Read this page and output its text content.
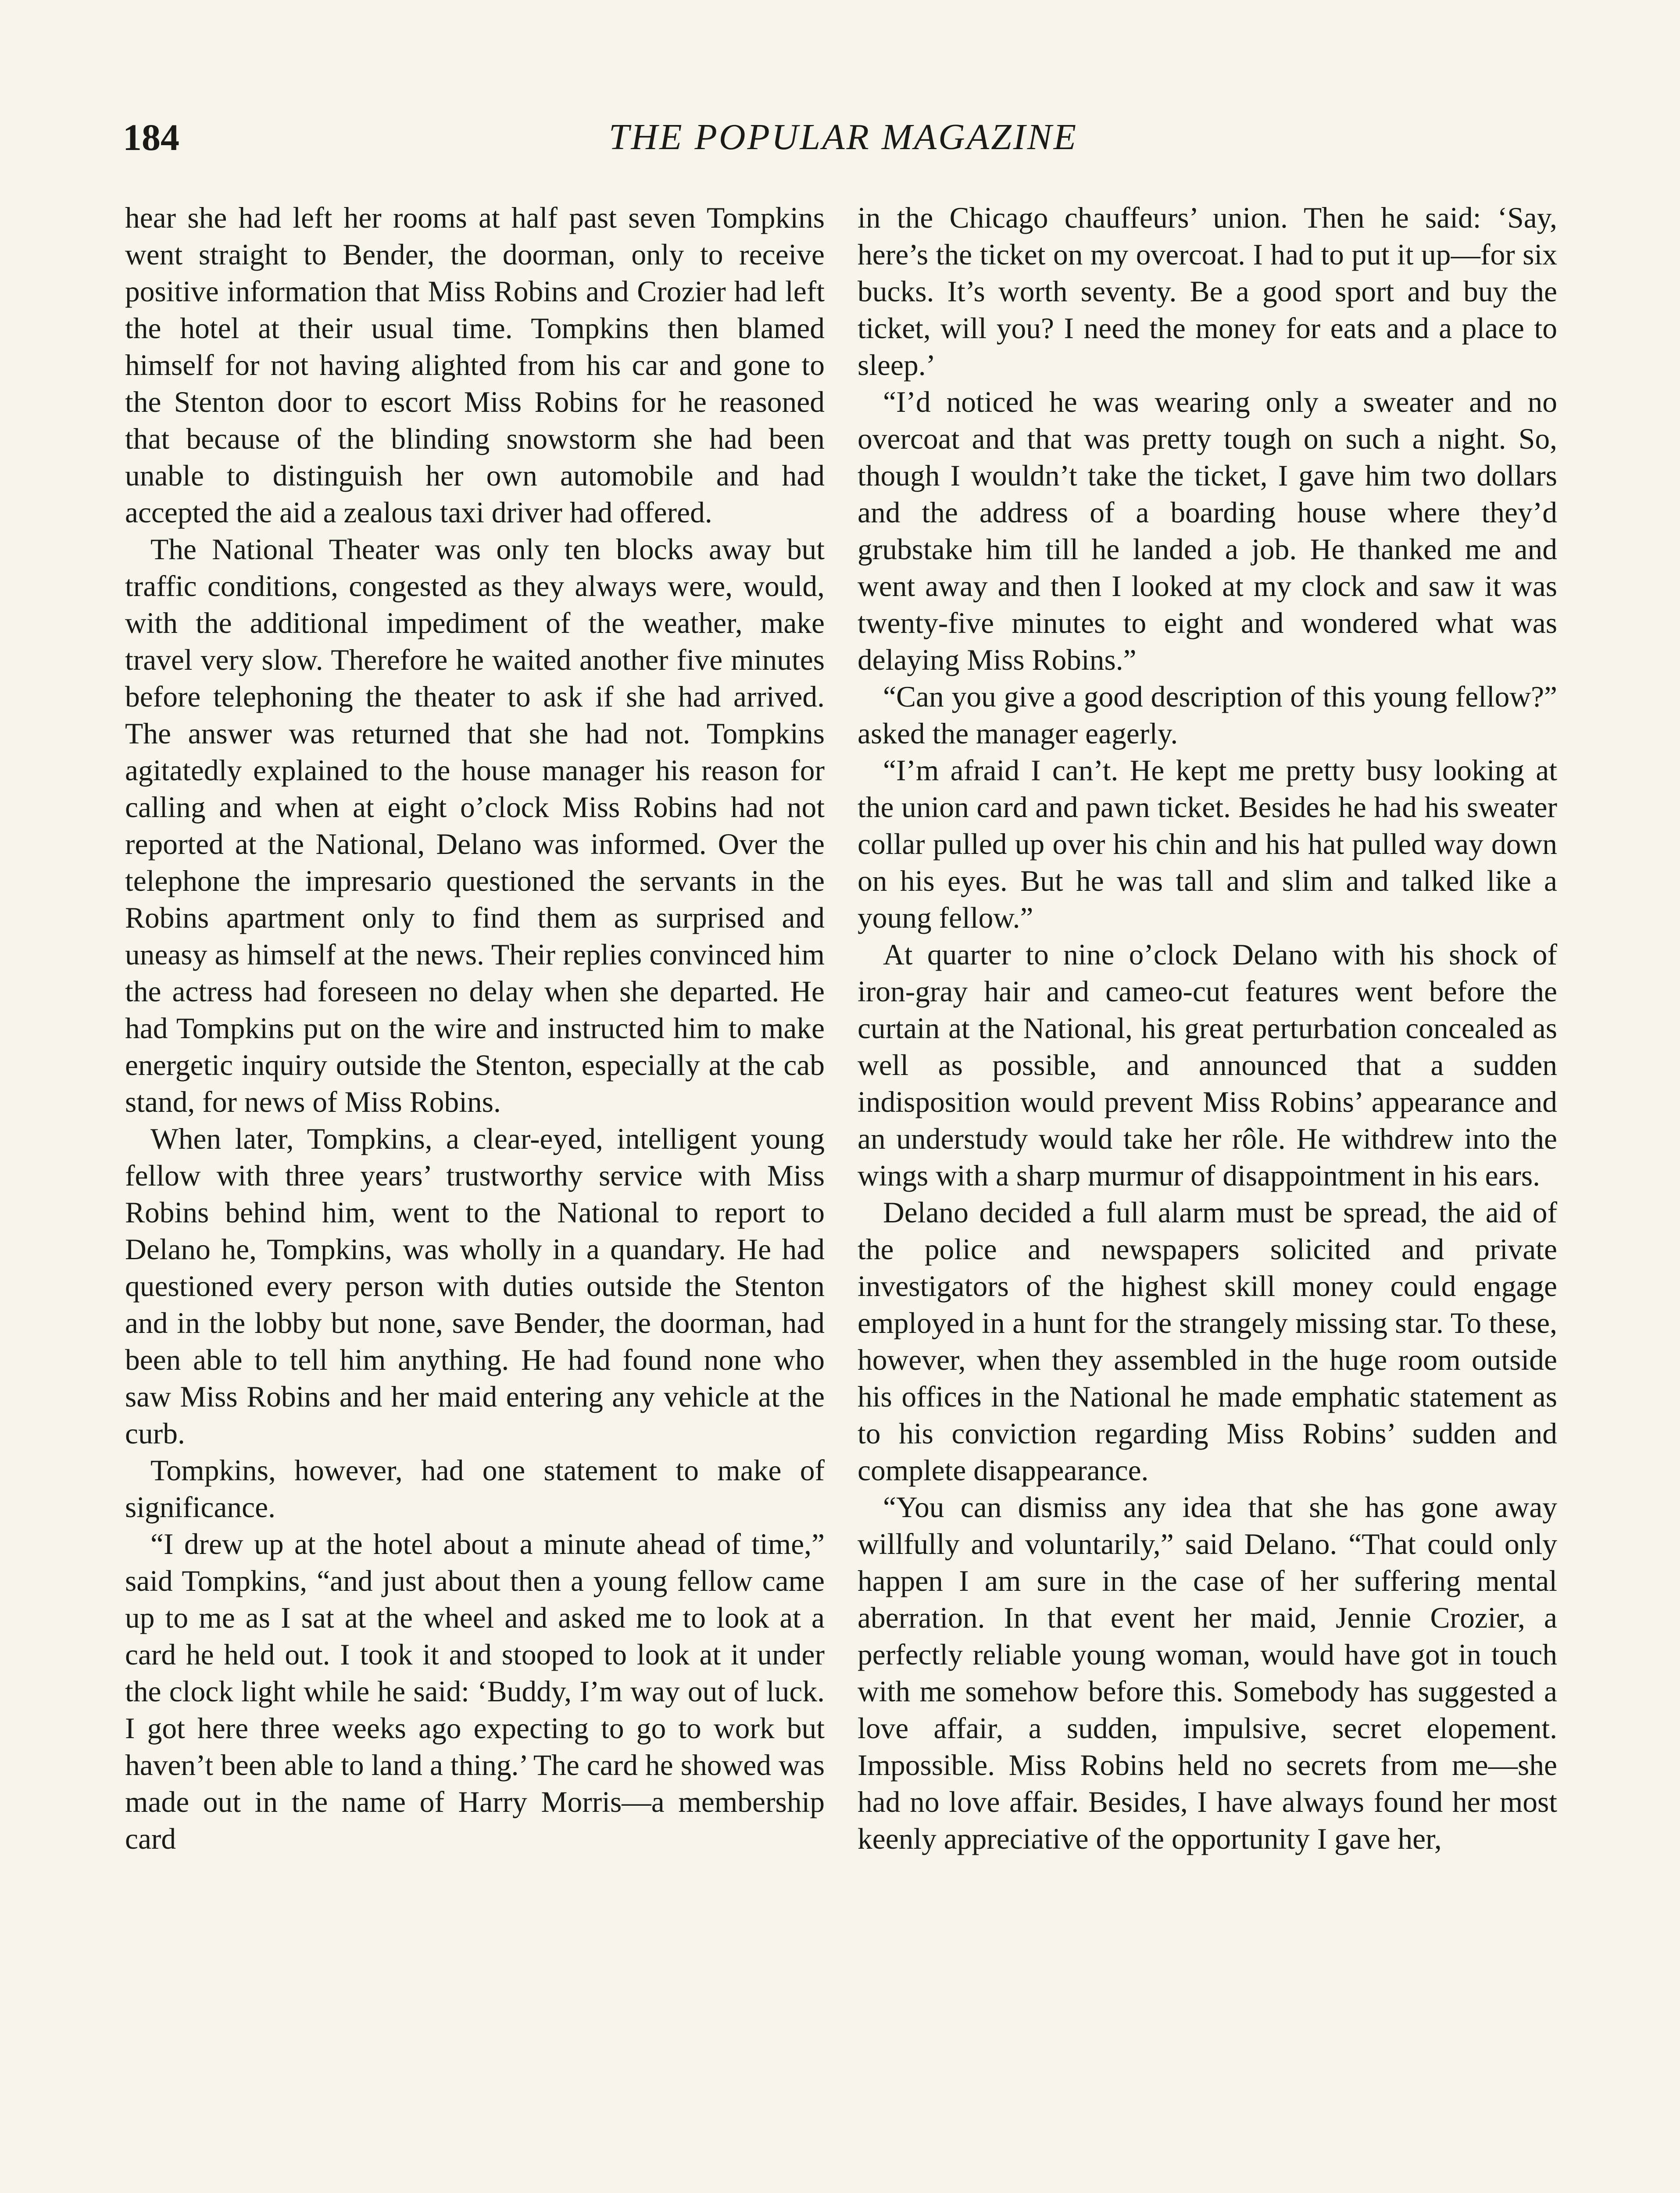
184	THE POPULAR MAGAZINE

hear she had left her rooms at half past seven Tompkins went straight to Bender, the doorman, only to receive positive information that Miss Robins and Crozier had left the hotel at their usual time. Tompkins then blamed himself for not having alighted from his car and gone to the Stenton door to escort Miss Robins for he reasoned that because of the blinding snowstorm she had been unable to distinguish her own automobile and had accepted the aid a zealous taxi driver had offered.

The National Theater was only ten blocks away but traffic conditions, congested as they always were, would, with the additional impediment of the weather, make travel very slow. Therefore he waited another five minutes before telephoning the theater to ask if she had arrived. The answer was returned that she had not. Tompkins agitatedly explained to the house manager his reason for calling and when at eight o’clock Miss Robins had not reported at the National, Delano was informed. Over the telephone the impresario questioned the servants in the Robins apartment only to find them as surprised and uneasy as himself at the news. Their replies convinced him the actress had foreseen no delay when she departed. He had Tompkins put on the wire and instructed him to make energetic inquiry outside the Stenton, especially at the cab stand, for news of Miss Robins.

When later, Tompkins, a clear-eyed, intelligent young fellow with three years’ trustworthy service with Miss Robins behind him, went to the National to report to Delano he, Tompkins, was wholly in a quandary. He had questioned every person with duties outside the Stenton and in the lobby but none, save Bender, the doorman, had been able to tell him anything. He had found none who saw Miss Robins and her maid entering any vehicle at the curb.

Tompkins, however, had one statement to make of significance.

“I drew up at the hotel about a minute ahead of time,” said Tompkins, “and just about then a young fellow came up to me as I sat at the wheel and asked me to look at a card he held out. I took it and stooped to look at it under the clock light while he said: ‘Buddy, I’m way out of luck. I got here three weeks ago expecting to go to work but haven’t been able to land a thing.’ The card he showed was made out in the name of Harry Morris—a membership card

in the Chicago chauffeurs’ union. Then he said: ‘Say, here’s the ticket on my overcoat. I had to put it up—for six bucks. It’s worth seventy. Be a good sport and buy the ticket, will you? I need the money for eats and a place to sleep.’

“I’d noticed he was wearing only a sweater and no overcoat and that was pretty tough on such a night. So, though I wouldn’t take the ticket, I gave him two dollars and the address of a boarding house where they’d grubstake him till he landed a job. He thanked me and went away and then I looked at my clock and saw it was twenty-five minutes to eight and wondered what was delaying Miss Robins.”

“Can you give a good description of this young fellow?” asked the manager eagerly.

“I’m afraid I can’t. He kept me pretty busy looking at the union card and pawn ticket. Besides he had his sweater collar pulled up over his chin and his hat pulled way down on his eyes. But he was tall and slim and talked like a young fellow.”

At quarter to nine o’clock Delano with his shock of iron-gray hair and cameo-cut features went before the curtain at the National, his great perturbation concealed as well as possible, and announced that a sudden indisposition would prevent Miss Robins’ appearance and an understudy would take her rôle. He withdrew into the wings with a sharp murmur of disappointment in his ears.

Delano decided a full alarm must be spread, the aid of the police and newspapers solicited and private investigators of the highest skill money could engage employed in a hunt for the strangely missing star. To these, however, when they assembled in the huge room outside his offices in the National he made emphatic statement as to his conviction regarding Miss Robins’ sudden and complete disappearance.

“You can dismiss any idea that she has gone away willfully and voluntarily,” said Delano. “That could only happen I am sure in the case of her suffering mental aberration. In that event her maid, Jennie Crozier, a perfectly reliable young woman, would have got in touch with me somehow before this. Somebody has suggested a love affair, a sudden, impulsive, secret elopement. Impossible. Miss Robins held no secrets from me—she had no love affair. Besides, I have always found her most keenly appreciative of the opportunity I gave her,
